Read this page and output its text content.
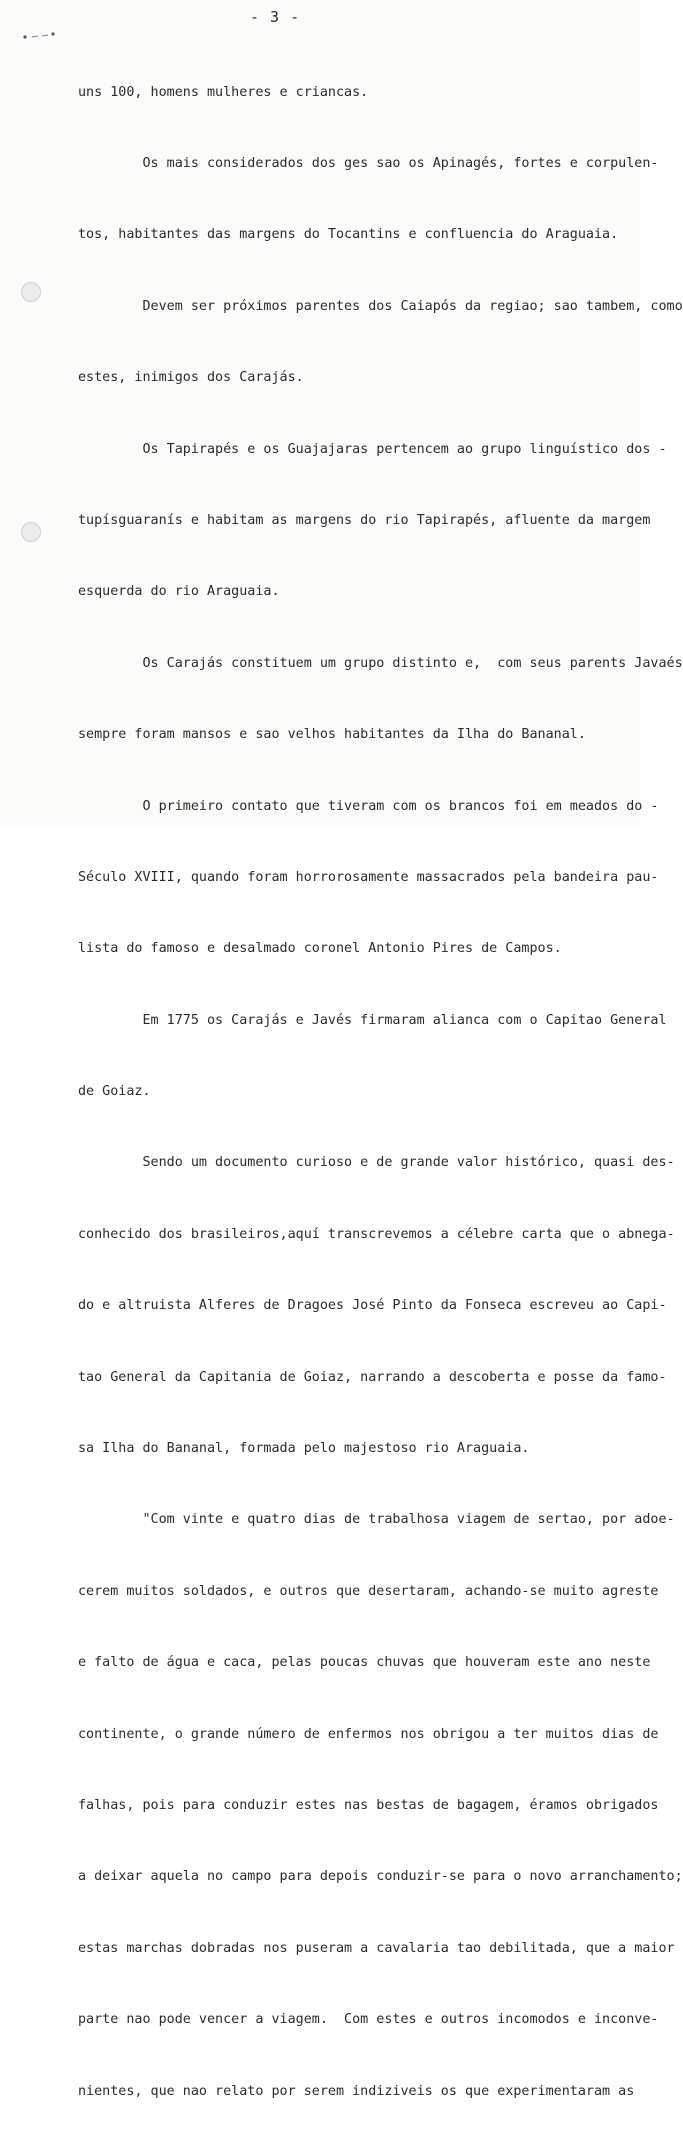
- 3 -

uns 100, homens mulheres e criancas.

Os mais considerados dos ges sao os Apinagés, fortes e corpulen-

tos, habitantes das margens do Tocantins e confluencia do Araguaia.

Devem ser próximos parentes dos Caiapós da regiao; sao tambem, como

estes, inimigos dos Carajás.

Os Tapirapés e os Guajajaras pertencem ao grupo linguístico dos -

tupísguaranís e habitam as margens do rio Tapirapés, afluente da margem

esquerda do rio Araguaia.

Os Carajás constituem um grupo distinto e,  com seus parents Javaés

sempre foram mansos e sao velhos habitantes da Ilha do Bananal.

O primeiro contato que tiveram com os brancos foi em meados do -

Século XVIII, quando foram horrorosamente massacrados pela bandeira pau-

lista do famoso e desalmado coronel Antonio Pires de Campos.

Em 1775 os Carajás e Javés firmaram alianca com o Capitao General

de Goiaz.

Sendo um documento curioso e de grande valor histórico, quasi des-

conhecido dos brasileiros,aquí transcrevemos a célebre carta que o abnega-

do e altruista Alferes de Dragoes José Pinto da Fonseca escreveu ao Capi-

tao General da Capitania de Goiaz, narrando a descoberta e posse da famo-

sa Ilha do Bananal, formada pelo majestoso rio Araguaia.

"Com vinte e quatro dias de trabalhosa viagem de sertao, por adoe-

cerem muitos soldados, e outros que desertaram, achando-se muito agreste

e falto de água e caca, pelas poucas chuvas que houveram este ano neste

continente, o grande número de enfermos nos obrigou a ter muitos dias de

falhas, pois para conduzir estes nas bestas de bagagem, éramos obrigados

a deixar aquela no campo para depois conduzir-se para o novo arranchamento;

estas marchas dobradas nos puseram a cavalaria tao debilitada, que a maior

parte nao pode vencer a viagem.  Com estes e outros incomodos e inconve-

nientes, que nao relato por serem indiziveis os que experimentaram as
